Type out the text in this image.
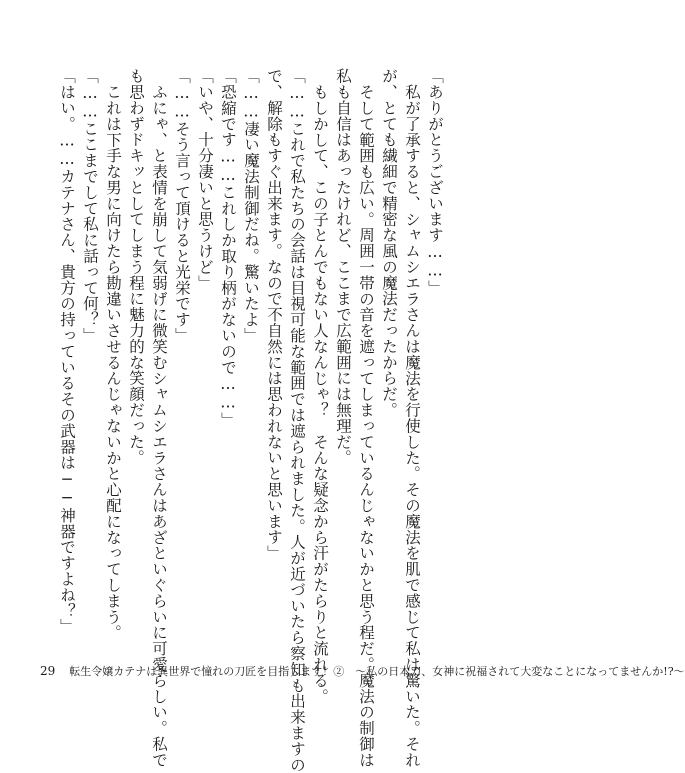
「ありがとうございます……」
私が了承すると、シャムシエラさんは魔法を行使した。その魔法を肌で感じて私は驚いた。それ
が、とても繊細で精密な風の魔法だったからだ。
そして範囲も広い。周囲一帯の音を遮ってしまっているんじゃないかと思う程だ。魔法の制御は
私も自信はあったけれど、ここまで広範囲には無理だ。
もしかして、この子とんでもない人なんじゃ？　そんな疑念から汗がたらりと流れる。
「……これで私たちの会話は目視可能な範囲では遮られました。人が近づいたら察知も出来ますの
で、解除もすぐ出来ます。なので不自然には思われないと思います」
「……凄い魔法制御だね。驚いたよ」
「恐縮です……これしか取り柄がないので……」
「いや、十分凄いと思うけど」
「……そう言って頂けると光栄です」
ふにゃ、と表情を崩して気弱げに微笑むシャムシエラさんはあざといぐらいに可愛らしい。私で
も思わずドキッとしてしまう程に魅力的な笑顔だった。
これは下手な男に向けたら勘違いさせるんじゃないかと心配になってしまう。
「……ここまでして私に話って何？」
「はい。……カテナさん、貴方の持っているその武器は──神器ですよね？」
29 転生令嬢カテナは異世界で憧れの刀匠を目指します！②　～私の日本刀、女神に祝福されて大変なことになってませんか!?～
